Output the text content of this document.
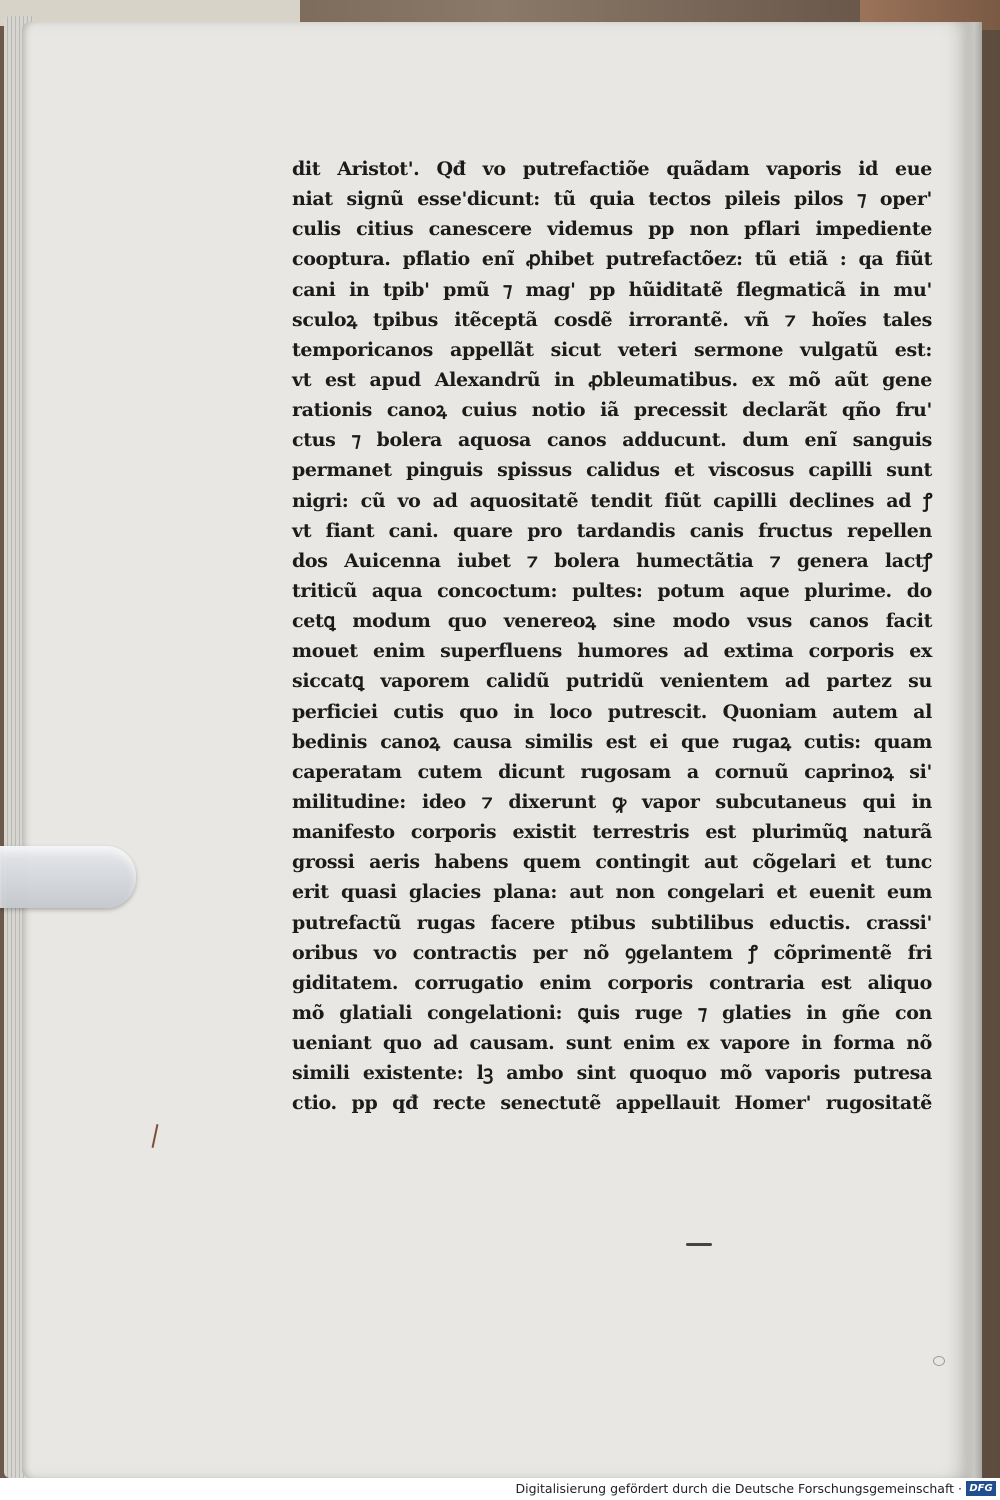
dit Aristot'. Qđ vo putrefactiõe quãdam vaporis id eue
niat signũ esse'dicunt: tũ quia tectos pileis pilos ⁊ oper'
culis citius canescere videmus pp non pflari impediente
cooptura. pflatio enĩ ꝓhibet putrefactõez: tũ etiã : qa fiũt
cani in tpib' pmũ ⁊ mag' pp hũiditatẽ flegmaticã in mu'
sculoꝝ tpibus itẽceptã cosdẽ irrorantẽ. vñ ⁊ hoĩes tales
temporicanos appellãt sicut veteri sermone vulgatũ est:
vt est apud Alexandrũ in ꝓbleumatibus. ex mõ aũt gene
rationis canoꝝ cuius notio iã precessit declarãt qño fru'
ctus ⁊ bolera aquosa canos adducunt. dum enĩ sanguis
permanet pinguis spissus calidus et viscosus capilli sunt
nigri: cũ vo ad aquositatẽ tendit fiũt capilli declines ad ꝭ
vt fiant cani. quare pro tardandis canis fructus repellen
dos Auicenna iubet ⁊ bolera humectãtia ⁊ genera lactꝭ
triticũ aqua concoctum: pultes: potum aque plurime. do
cetꝗ modum quo venereoꝝ sine modo vsus canos facit
mouet enim superfluens humores ad extima corporis ex
siccatꝗ vaporem calidũ putridũ venientem ad partez su
perficiei cutis quo in loco putrescit. Quoniam autem al
bedinis canoꝝ causa similis est ei que rugaꝝ cutis: quam
caperatam cutem dicunt rugosam a cornuũ caprinoꝝ si'
militudine: ideo ⁊ dixerunt ꝙ vapor subcutaneus qui in
manifesto corporis existit terrestris est plurimũꝗ naturã
grossi aeris habens quem contingit aut cõgelari et tunc
erit quasi glacies plana: aut non congelari et euenit eum
putrefactũ rugas facere ptibus subtilibus eductis. crassi'
oribus vo contractis per nõ ꝯgelantem ꝭ cõprimentẽ fri
giditatem. corrugatio enim corporis contraria est aliquo
mõ glatiali congelationi: ꝗuis ruge ⁊ glaties in gñe con
ueniant quo ad causam. sunt enim ex vapore in forma nõ
simili existente: lꝫ ambo sint quoquo mõ vaporis putresa
ctio. pp qđ recte senectutẽ appellauit Homer' rugositatẽ
Digitalisierung gefördert durch die Deutsche Forschungsgemeinschaft · DFG
